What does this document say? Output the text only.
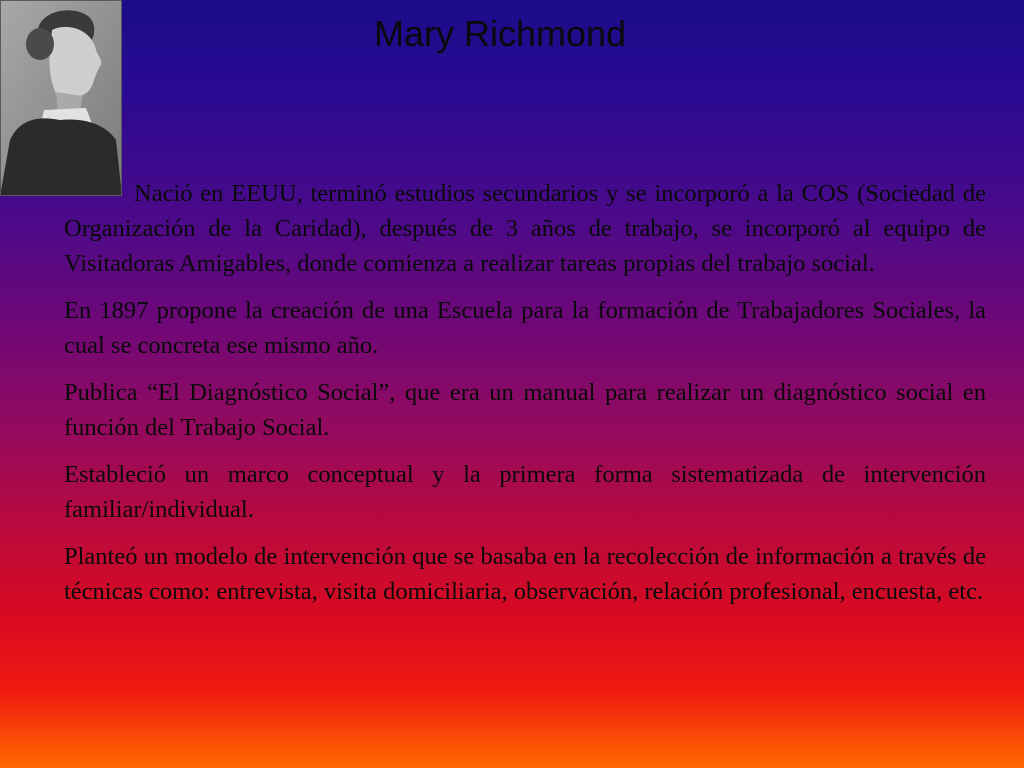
Mary Richmond

Nació en EEUU, terminó estudios secundarios y se incorporó a la COS (Sociedad de Organización de la Caridad), después de 3 años de trabajo, se incorporó al equipo de Visitadoras Amigables, donde comienza a realizar tareas propias del trabajo social.

En 1897 propone la creación de una Escuela para la formación de Trabajadores Sociales, la cual se concreta ese mismo año.

Publica “El Diagnóstico Social”, que era un manual para realizar un diagnóstico social en función del Trabajo Social.

Estableció un marco conceptual y la primera forma sistematizada de intervención familiar/individual.

Planteó un modelo de intervención que se basaba en la recolección de información a través de técnicas como: entrevista, visita domiciliaria, observación, relación profesional, encuesta, etc.
